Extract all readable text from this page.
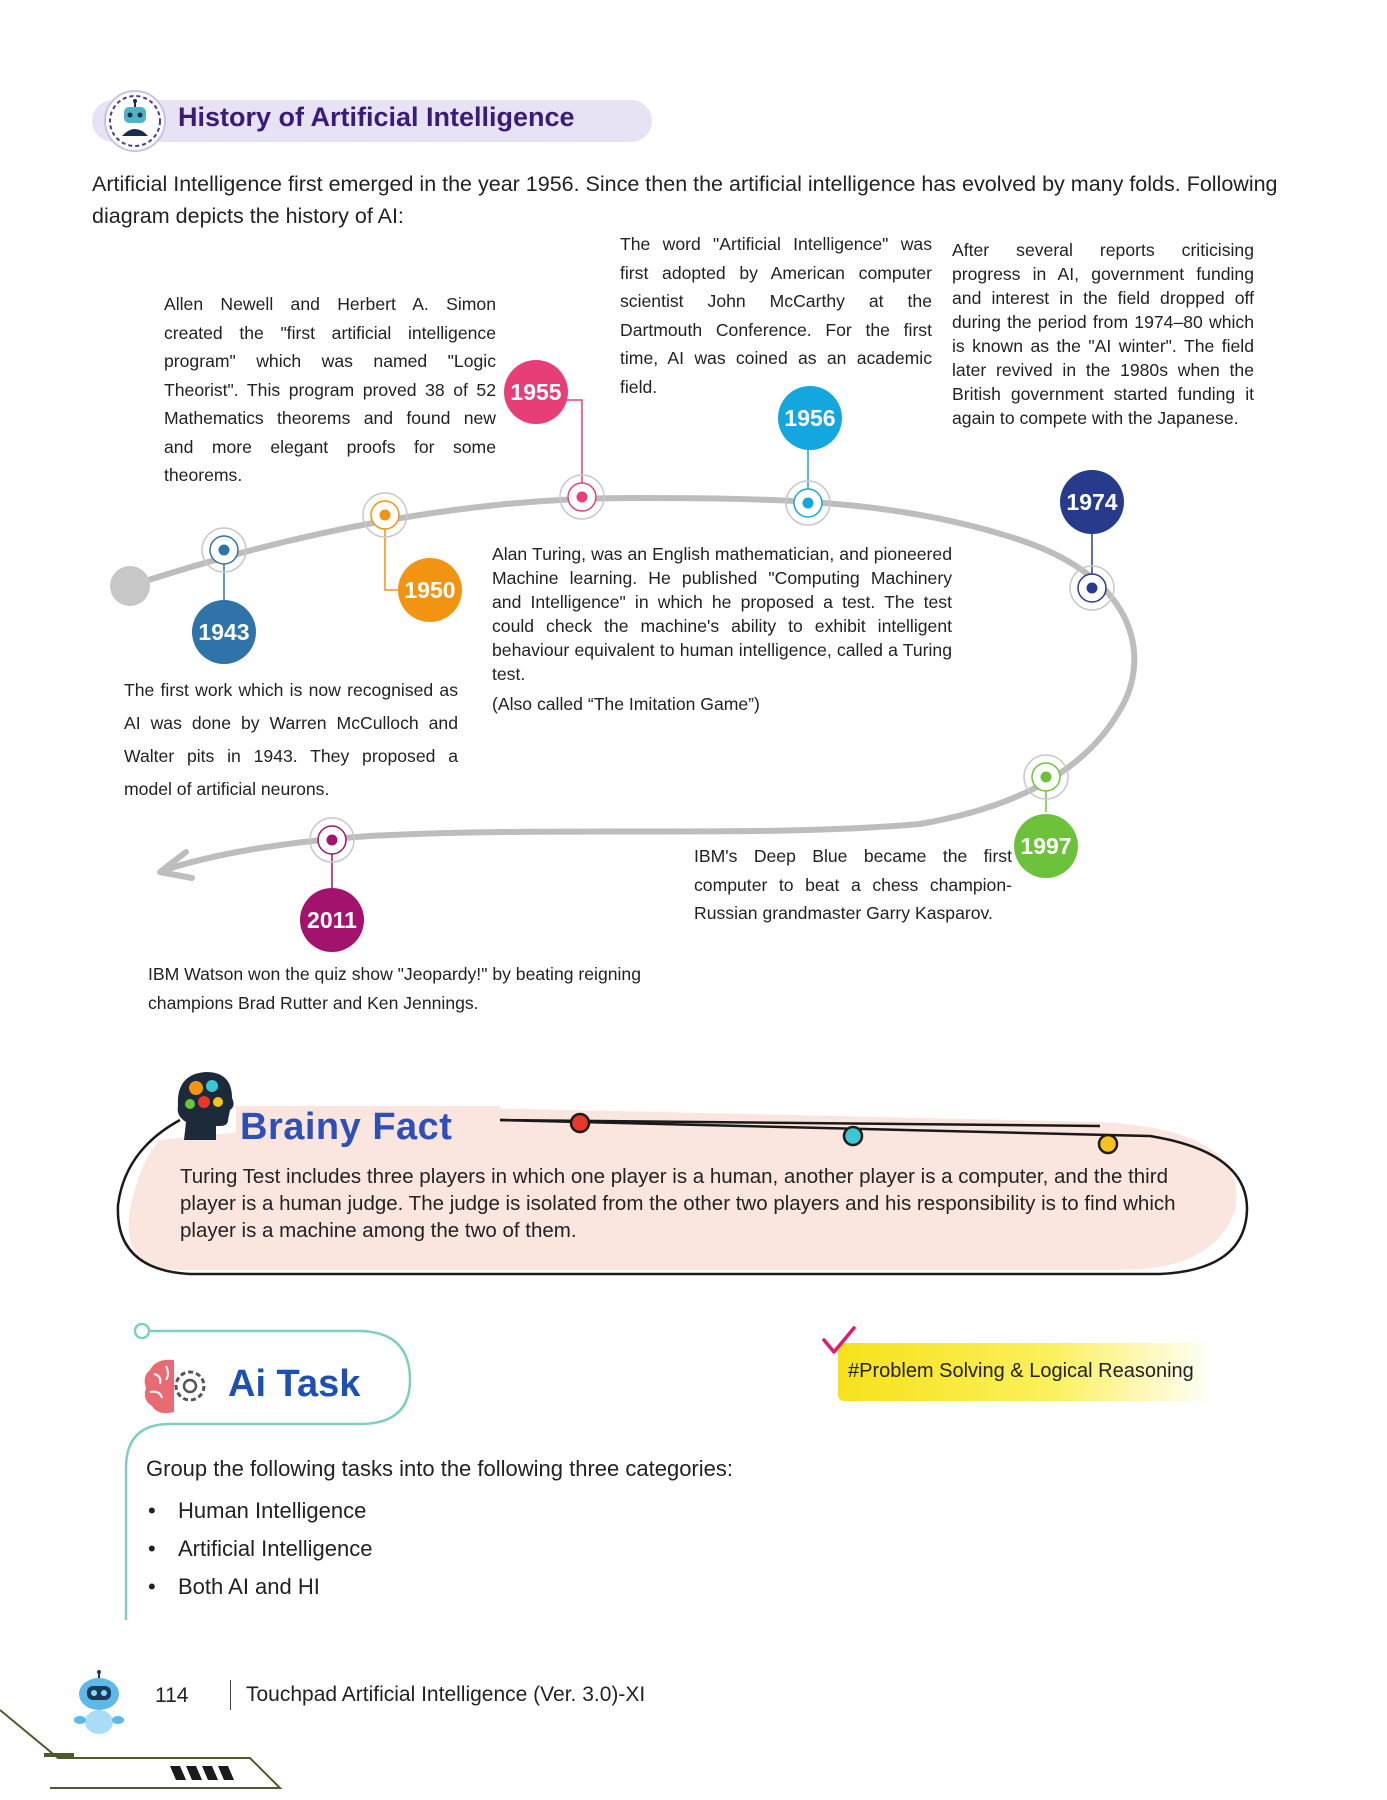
History of Artificial Intelligence
Artificial Intelligence first emerged in the year 1956. Since then the artificial intelligence has evolved by many folds. Following diagram depicts the history of AI:
1943
1950
1955
1956
1974
1997
2011
The first work which is now recognised as AI was done by Warren McCulloch and Walter pits in 1943. They proposed a model of artificial neurons.
Alan Turing, was an English mathematician, and pioneered Machine learning. He published "Computing Machinery and Intelligence" in which he proposed a test. The test could check the machine's ability to exhibit intelligent behaviour equivalent to human intelligence, called a Turing test.
(Also called “The Imitation Game”)
Allen Newell and Herbert A. Simon created the "first artificial intelligence program" which was named "Logic Theorist". This program proved 38 of 52 Mathematics theorems and found new and more elegant proofs for some theorems.
The word "Artificial Intelligence" was first adopted by American computer scientist John McCarthy at the Dartmouth Conference. For the first time, AI was coined as an academic field.
After several reports criticising progress in AI, government funding and interest in the field dropped off during the period from 1974–80 which is known as the "AI winter". The field later revived in the 1980s when the British government started funding it again to compete with the Japanese.
IBM's Deep Blue became the first computer to beat a chess champion-Russian grandmaster Garry Kasparov.
IBM Watson won the quiz show "Jeopardy!" by beating reigning champions Brad Rutter and Ken Jennings.
Brainy Fact
Turing Test includes three players in which one player is a human, another player is a computer, and the third player is a human judge. The judge is isolated from the other two players and his responsibility is to find which player is a machine among the two of them.
Ai Task	#Problem Solving & Logical Reasoning
Group the following tasks into the following three categories:
• Human Intelligence
• Artificial Intelligence
• Both AI and HI
114	Touchpad Artificial Intelligence (Ver. 3.0)-XI
